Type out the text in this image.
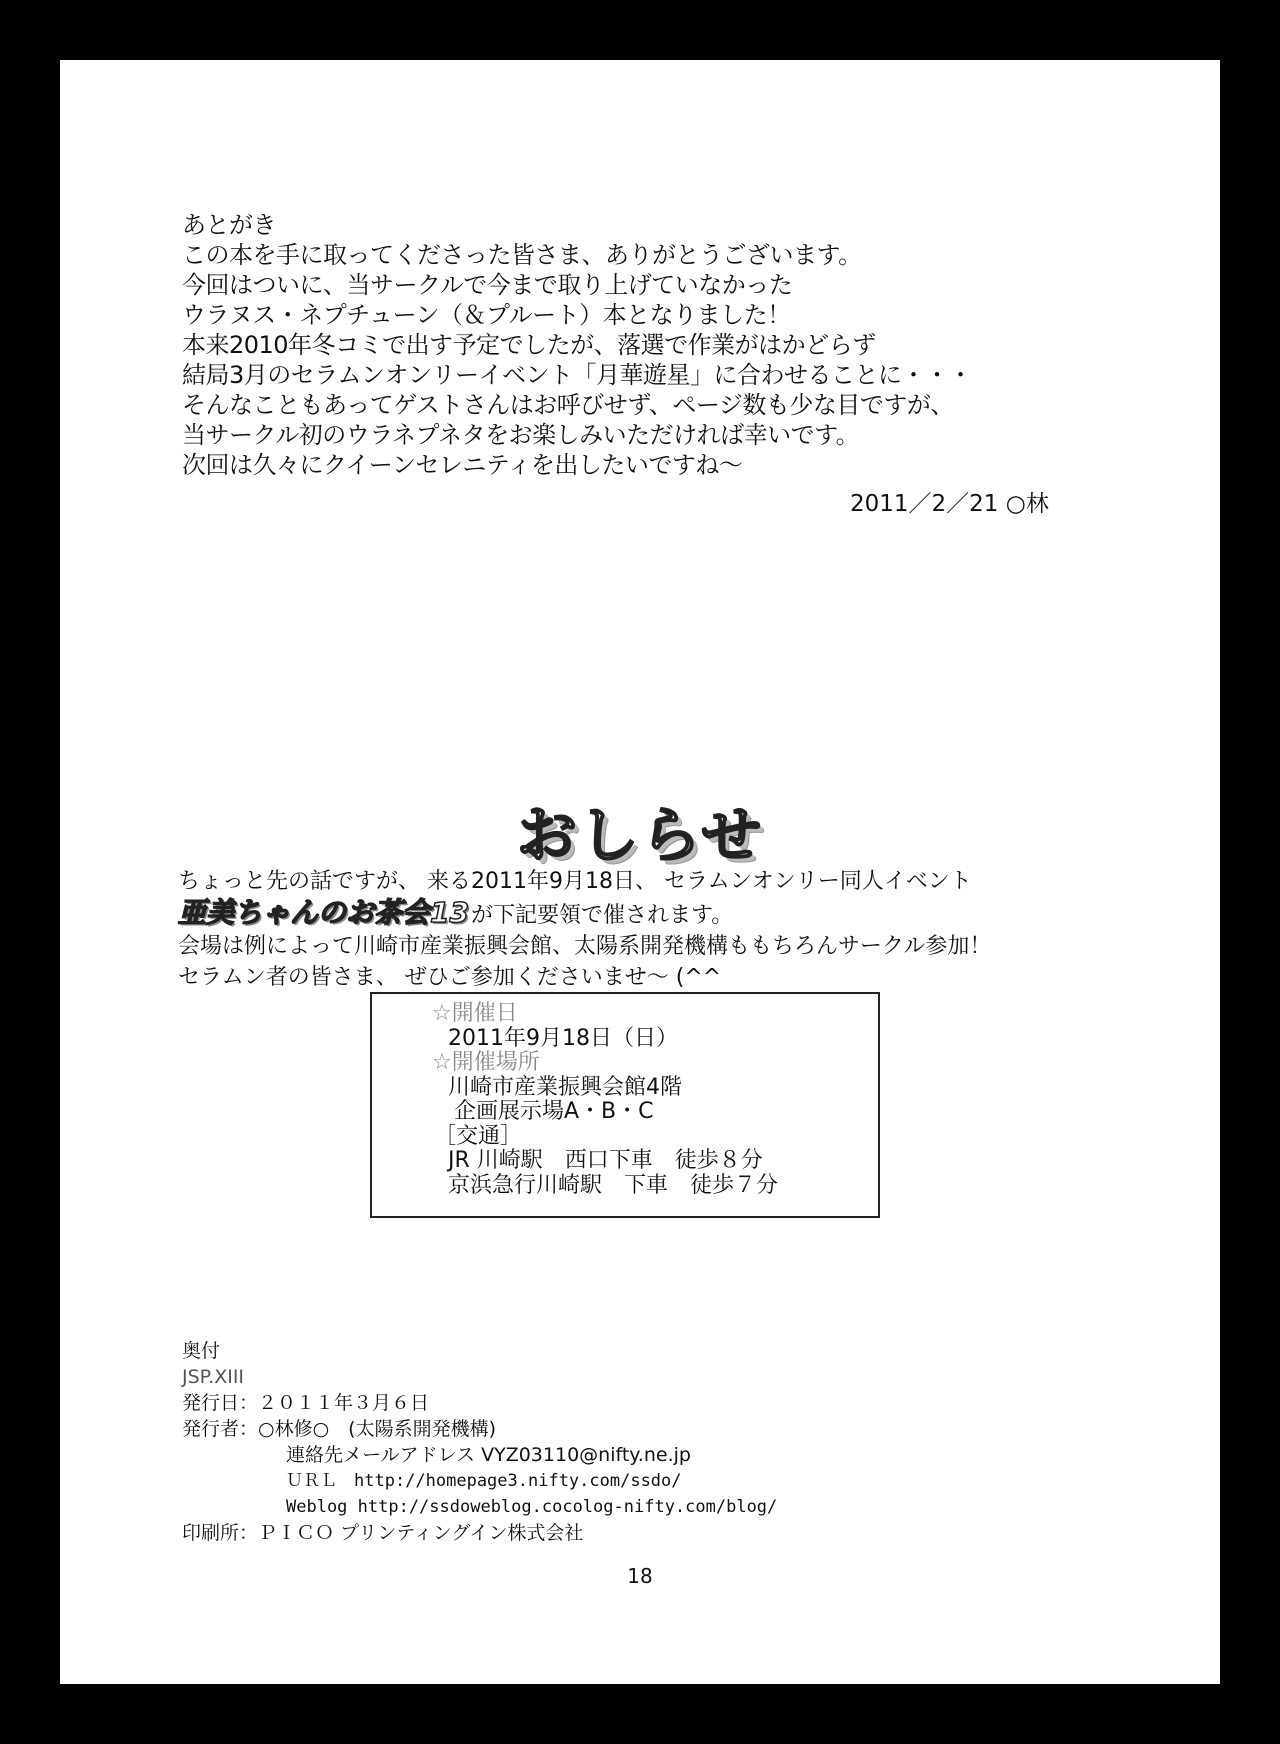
あとがき
この本を手に取ってくださった皆さま、ありがとうございます。
今回はついに、当サークルで今まで取り上げていなかった
ウラヌス・ネプチューン（＆プルート）本となりました！
本来2010年冬コミで出す予定でしたが、落選で作業がはかどらず
結局3月のセラムンオンリーイベント「月華遊星」に合わせることに・・・
そんなこともあってゲストさんはお呼びせず、ページ数も少な目ですが、
当サークル初のウラネプネタをお楽しみいただければ幸いです。
次回は久々にクイーンセレニティを出したいですね～
2011／2／21 ○林
おしらせ
ちょっと先の話ですが、 来る2011年9月18日、 セラムンオンリー同人イベント
亜美ちゃんのお茶会13 が下記要領で催されます。
会場は例によって川崎市産業振興会館、太陽系開発機構ももちろんサークル参加！
セラムン者の皆さま、 ぜひご参加くださいませ～ (^^
☆開催日
2011年9月18日（日）
☆開催場所
川崎市産業振興会館4階
企画展示場A・B・C
［交通］
JR 川崎駅　西口下車　徒歩８分
京浜急行川崎駅　下車　徒歩７分
奥付
JSP.XIII
発行日：２０１１年３月６日
発行者：○林修○　(太陽系開発機構)
連絡先メールアドレス VYZ03110@nifty.ne.jp
ＵＲＬ　http://homepage3.nifty.com/ssdo/
Weblog http://ssdoweblog.cocolog-nifty.com/blog/
印刷所：ＰＩＣＯ プリンティングイン株式会社
18
